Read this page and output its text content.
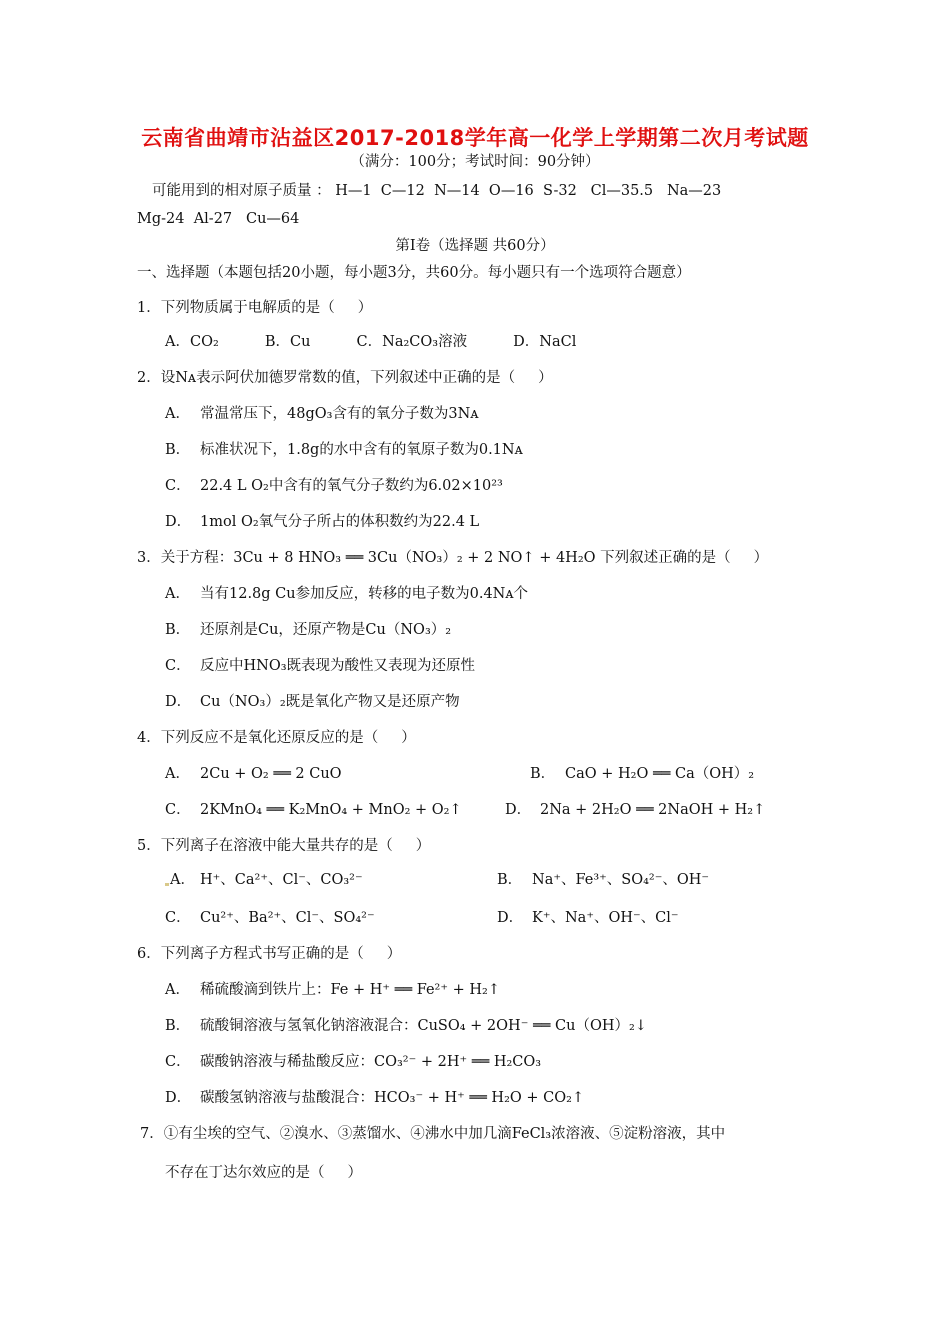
云南省曲靖市沾益区2017-2018学年高一化学上学期第二次月考试题
（满分：100分；考试时间：90分钟）
可能用到的相对原子质量 ： H—1  C—12  N—14  O—16  S-32   Cl—35.5   Na—23
Mg-24  Al-27   Cu—64
第Ⅰ卷（选择题 共60分）
一、选择题（本题包括20小题，每小题3分，共60分。每小题只有一个选项符合题意）
1．下列物质属于电解质的是（     ）
A．CO₂          B．Cu          C．Na₂CO₃溶液          D．NaCl
2．设Nᴀ表示阿伏加德罗常数的值，下列叙述中正确的是（     ）
A． 常温常压下，48gO₃含有的氧分子数为3Nᴀ
B． 标准状况下，1.8g的水中含有的氧原子数为0.1Nᴀ
C． 22.4 L O₂中含有的氧气分子数约为6.02×10²³
D． 1mol O₂氧气分子所占的体积数约为22.4 L
3．关于方程：3Cu + 8 HNO₃ ══ 3Cu（NO₃）₂ + 2 NO↑ + 4H₂O 下列叙述正确的是（     ）
A． 当有12.8g Cu参加反应，转移的电子数为0.4Nᴀ个
B． 还原剂是Cu，还原产物是Cu（NO₃）₂
C． 反应中HNO₃既表现为酸性又表现为还原性
D． Cu（NO₃）₂既是氧化产物又是还原产物
4．下列反应不是氧化还原反应的是（     ）
A． 2Cu + O₂ ══ 2 CuO	B． CaO + H₂O ══ Ca（OH）₂
C． 2KMnO₄ ══ K₂MnO₄ + MnO₂ + O₂↑	D． 2Na + 2H₂O ══ 2NaOH + H₂↑
5．下列离子在溶液中能大量共存的是（     ）
A． H⁺、Ca²⁺、Cl⁻、CO₃²⁻	B． Na⁺、Fe³⁺、SO₄²⁻、OH⁻
C． Cu²⁺、Ba²⁺、Cl⁻、SO₄²⁻	D． K⁺、Na⁺、OH⁻、Cl⁻
6．下列离子方程式书写正确的是（     ）
A． 稀硫酸滴到铁片上：Fe + H⁺ ══ Fe²⁺ + H₂↑
B． 硫酸铜溶液与氢氧化钠溶液混合：CuSO₄ + 2OH⁻ ══ Cu（OH）₂↓
C． 碳酸钠溶液与稀盐酸反应：CO₃²⁻ + 2H⁺ ══ H₂CO₃
D． 碳酸氢钠溶液与盐酸混合：HCO₃⁻ + H⁺ ══ H₂O + CO₂↑
7．①有尘埃的空气、②溴水、③蒸馏水、④沸水中加几滴FeCl₃浓溶液、⑤淀粉溶液，其中
不存在丁达尔效应的是（     ）
